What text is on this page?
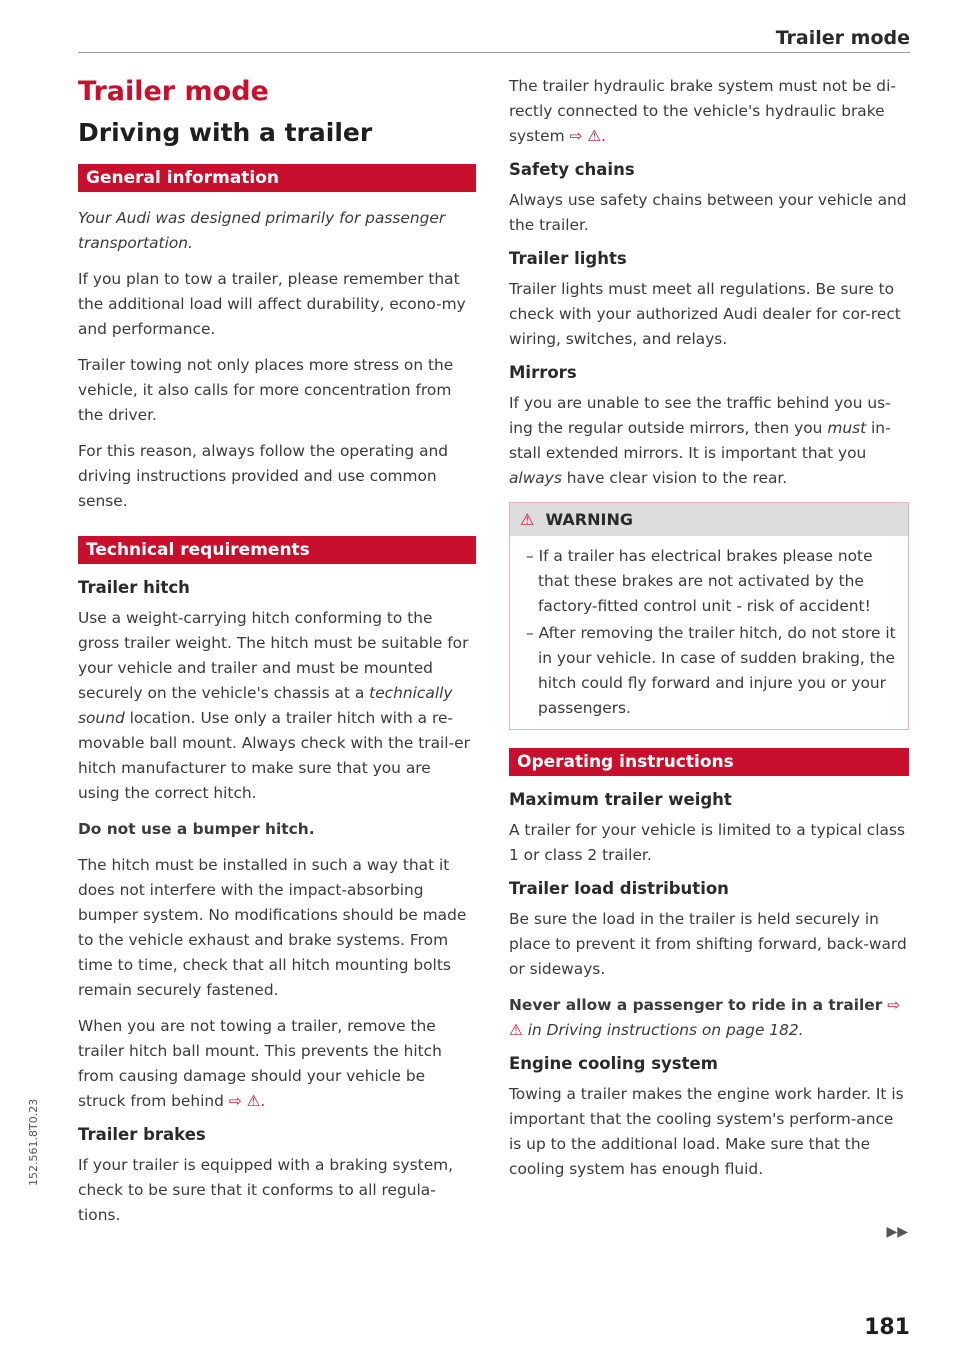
Trailer mode
Trailer mode
Driving with a trailer
General information

Your Audi was designed primarily for passenger transportation.

If you plan to tow a trailer, please remember that the additional load will affect durability, econo-my and performance.

Trailer towing not only places more stress on the vehicle, it also calls for more concentration from the driver.

For this reason, always follow the operating and driving instructions provided and use common sense.

Technical requirements
Trailer hitch

Use a weight-carrying hitch conforming to the gross trailer weight. The hitch must be suitable for your vehicle and trailer and must be mounted securely on the vehicle's chassis at a technically sound location. Use only a trailer hitch with a re-movable ball mount. Always check with the trail-er hitch manufacturer to make sure that you are using the correct hitch.

Do not use a bumper hitch.

The hitch must be installed in such a way that it does not interfere with the impact-absorbing bumper system. No modifications should be made to the vehicle exhaust and brake systems. From time to time, check that all hitch mounting bolts remain securely fastened.

When you are not towing a trailer, remove the trailer hitch ball mount. This prevents the hitch from causing damage should your vehicle be struck from behind ⇨ ⚠.

Trailer brakes

If your trailer is equipped with a braking system, check to be sure that it conforms to all regula-tions.

The trailer hydraulic brake system must not be di-rectly connected to the vehicle's hydraulic brake system ⇨ ⚠.

Safety chains

Always use safety chains between your vehicle and the trailer.

Trailer lights

Trailer lights must meet all regulations. Be sure to check with your authorized Audi dealer for cor-rect wiring, switches, and relays.

Mirrors

If you are unable to see the traffic behind you us-ing the regular outside mirrors, then you must in-stall extended mirrors. It is important that you always have clear vision to the rear.

⚠ WARNING
– If a trailer has electrical brakes please note that these brakes are not activated by the factory-fitted control unit - risk of accident!
– After removing the trailer hitch, do not store it in your vehicle. In case of sudden braking, the hitch could fly forward and injure you or your passengers.
Operating instructions
Maximum trailer weight

A trailer for your vehicle is limited to a typical class 1 or class 2 trailer.

Trailer load distribution

Be sure the load in the trailer is held securely in place to prevent it from shifting forward, back-ward or sideways.

Never allow a passenger to ride in a trailer ⇨ ⚠ in Driving instructions on page 182.

Engine cooling system

Towing a trailer makes the engine work harder. It is important that the cooling system's perform-ance is up to the additional load. Make sure that the cooling system has enough fluid.

▶▶
152.561.8T0.23
181
